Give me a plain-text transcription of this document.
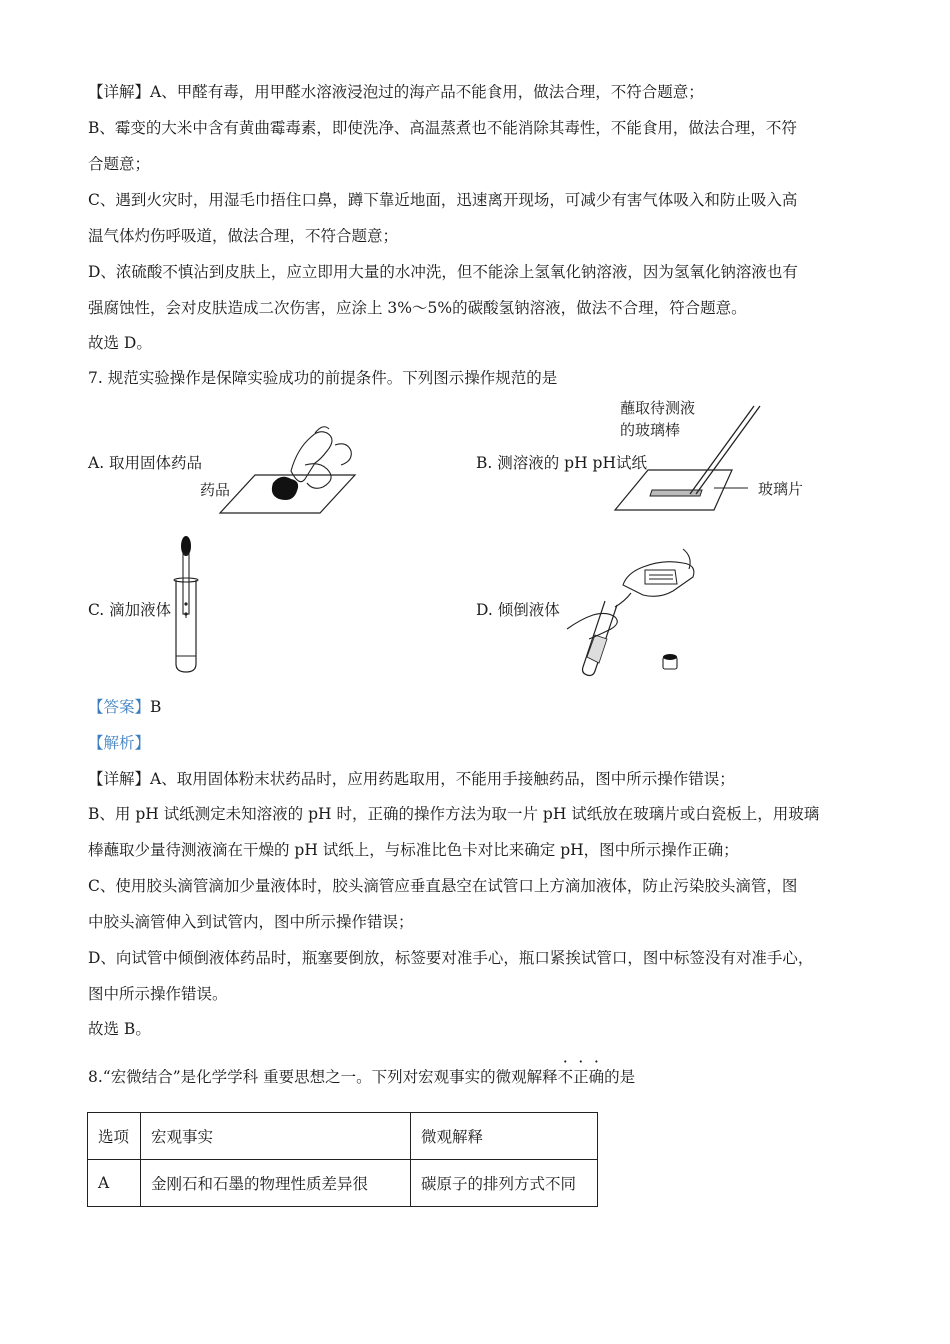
【详解】A、甲醛有毒，用甲醛水溶液浸泡过的海产品不能食用，做法合理，不符合题意；
B、霉变的大米中含有黄曲霉毒素，即使洗净、高温蒸煮也不能消除其毒性，不能食用，做法合理，不符
合题意；
C、遇到火灾时，用湿毛巾捂住口鼻，蹲下靠近地面，迅速离开现场，可减少有害气体吸入和防止吸入高
温气体灼伤呼吸道，做法合理，不符合题意；
D、浓硫酸不慎沾到皮肤上，应立即用大量的水冲洗，但不能涂上氢氧化钠溶液，因为氢氧化钠溶液也有
强腐蚀性，会对皮肤造成二次伤害，应涂上 3%～5%的碳酸氢钠溶液，做法不合理，符合题意。
故选 D。
7. 规范实验操作是保障实验成功的前提条件。下列图示操作规范的是
A. 取用固体药品
药品
B. 测溶液的 pH pH试纸
蘸取待测液
的玻璃棒
玻璃片
C. 滴加液体	D. 倾倒液体
【答案】B
【解析】
【详解】A、取用固体粉末状药品时，应用药匙取用，不能用手接触药品，图中所示操作错误；
B、用 pH 试纸测定未知溶液的 pH 时，正确的操作方法为取一片 pH 试纸放在玻璃片或白瓷板上，用玻璃
棒蘸取少量待测液滴在干燥的 pH 试纸上，与标准比色卡对比来确定 pH，图中所示操作正确；
C、使用胶头滴管滴加少量液体时，胶头滴管应垂直悬空在试管口上方滴加液体，防止污染胶头滴管，图
中胶头滴管伸入到试管内，图中所示操作错误；
D、向试管中倾倒液体药品时，瓶塞要倒放，标签要对准手心，瓶口紧挨试管口，图中标签没有对准手心，
图中所示操作错误。
故选 B。
8.“宏微结合”是化学学科 重要思想之一。下列对宏观事实的微观解释不正确的是
选项	宏观事实	微观解释
A	金刚石和石墨的物理性质差异很	碳原子的排列方式不同
